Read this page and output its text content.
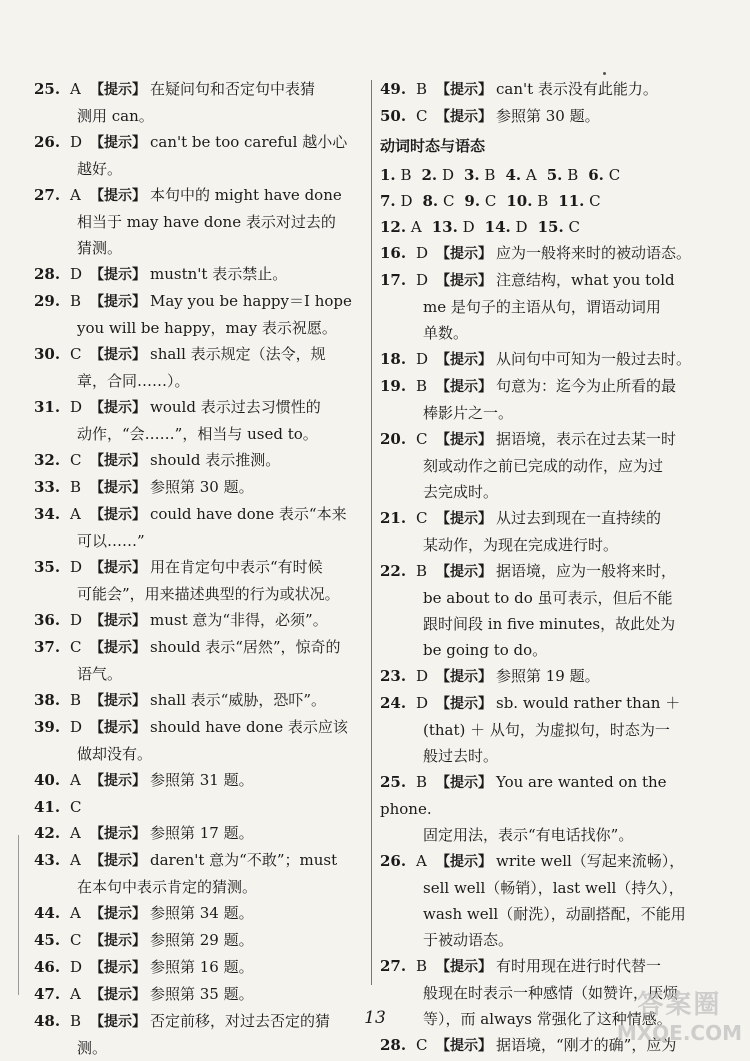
25. A 【提示】 在疑问句和否定句中表猜
测用 can。
26. D 【提示】 can't be too careful 越小心
越好。
27. A 【提示】 本句中的 might have done
相当于 may have done 表示对过去的
猜测。
28. D 【提示】 mustn't 表示禁止。
29. B 【提示】 May you be happy＝I hope
you will be happy，may 表示祝愿。
30. C 【提示】 shall 表示规定（法令，规
章，合同……）。
31. D 【提示】 would 表示过去习惯性的
动作，“会……”，相当与 used to。
32. C 【提示】 should 表示推测。
33. B 【提示】 参照第 30 题。
34. A 【提示】 could have done 表示“本来
可以……”
35. D 【提示】 用在肯定句中表示“有时候
可能会”，用来描述典型的行为或状况。
36. D 【提示】 must 意为“非得，必须”。
37. C 【提示】 should 表示“居然”，惊奇的
语气。
38. B 【提示】 shall 表示“威胁，恐吓”。
39. D 【提示】 should have done 表示应该
做却没有。
40. A 【提示】 参照第 31 题。
41. C
42. A 【提示】 参照第 17 题。
43. A 【提示】 daren't 意为“不敢”；must
在本句中表示肯定的猜测。
44. A 【提示】 参照第 34 题。
45. C 【提示】 参照第 29 题。
46. D 【提示】 参照第 16 题。
47. A 【提示】 参照第 35 题。
48. B 【提示】 否定前移，对过去否定的猜
测。
49. B 【提示】 can't 表示没有此能力。
50. C 【提示】 参照第 30 题。
动词时态与语态
1. B 2. D 3. B 4. A 5. B 6. C
7. D 8. C 9. C 10. B 11. C
12. A 13. D 14. D 15. C
16. D 【提示】 应为一般将来时的被动语态。
17. D 【提示】 注意结构，what you told
me 是句子的主语从句，谓语动词用
单数。
18. D 【提示】 从问句中可知为一般过去时。
19. B 【提示】 句意为：迄今为止所看的最
棒影片之一。
20. C 【提示】 据语境，表示在过去某一时
刻或动作之前已完成的动作，应为过
去完成时。
21. C 【提示】 从过去到现在一直持续的
某动作，为现在完成进行时。
22. B 【提示】 据语境，应为一般将来时，
be about to do 虽可表示，但后不能
跟时间段 in five minutes，故此处为
be going to do。
23. D 【提示】 参照第 19 题。
24. D 【提示】 sb. would rather than ＋
(that) ＋ 从句，为虚拟句，时态为一
般过去时。
25. B 【提示】 You are wanted on the phone.
固定用法，表示“有电话找你”。
26. A 【提示】 write well（写起来流畅），
sell well（畅销），last well（持久），
wash well（耐洗），动副搭配，不能用
于被动语态。
27. B 【提示】 有时用现在进行时代替一
般现在时表示一种感情（如赞许，厌烦
等），而 always 常强化了这种情感。
28. C 【提示】 据语境，“刚才的确”，应为
13	答案圈
MXQE.COM
